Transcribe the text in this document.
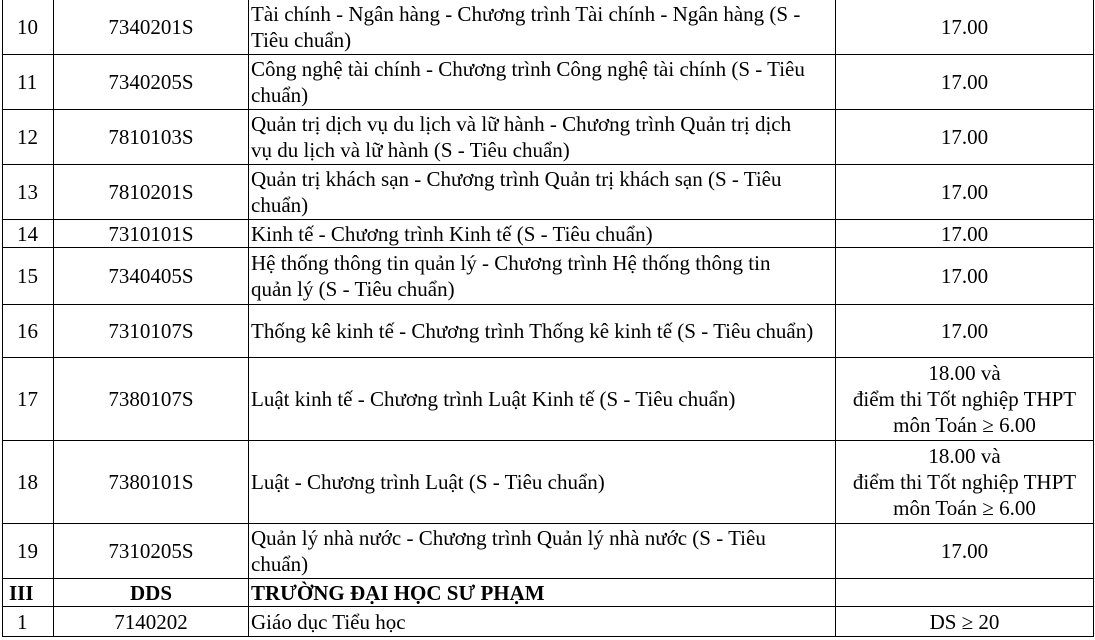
10	7340201S	Tài chính - Ngân hàng - Chương trình Tài chính - Ngân hàng (S -
Tiêu chuẩn)	17.00

11	7340205S	Công nghệ tài chính - Chương trình Công nghệ tài chính (S - Tiêu
chuẩn)	17.00

12	7810103S	Quản trị dịch vụ du lịch và lữ hành - Chương trình Quản trị dịch
vụ du lịch và lữ hành (S - Tiêu chuẩn)	17.00

13	7810201S	Quản trị khách sạn - Chương trình Quản trị khách sạn (S - Tiêu
chuẩn)	17.00

14	7310101S	Kinh tế - Chương trình Kinh tế (S - Tiêu chuẩn)	17.00

15	7340405S	Hệ thống thông tin quản lý - Chương trình Hệ thống thông tin
quản lý (S - Tiêu chuẩn)	17.00

16	7310107S	Thống kê kinh tế - Chương trình Thống kê kinh tế (S - Tiêu chuẩn)	17.00

17	7380107S	Luật kinh tế - Chương trình Luật Kinh tế (S - Tiêu chuẩn)	18.00 và
điểm thi Tốt nghiệp THPT
môn Toán ≥ 6.00

18	7380101S	Luật - Chương trình Luật (S - Tiêu chuẩn)	18.00 và
điểm thi Tốt nghiệp THPT
môn Toán ≥ 6.00

19	7310205S	Quản lý nhà nước - Chương trình Quản lý nhà nước (S - Tiêu
chuẩn)	17.00

III	DDS	TRƯỜNG ĐẠI HỌC SƯ PHẠM	
1	7140202	Giáo dục Tiểu học	DS ≥ 20
